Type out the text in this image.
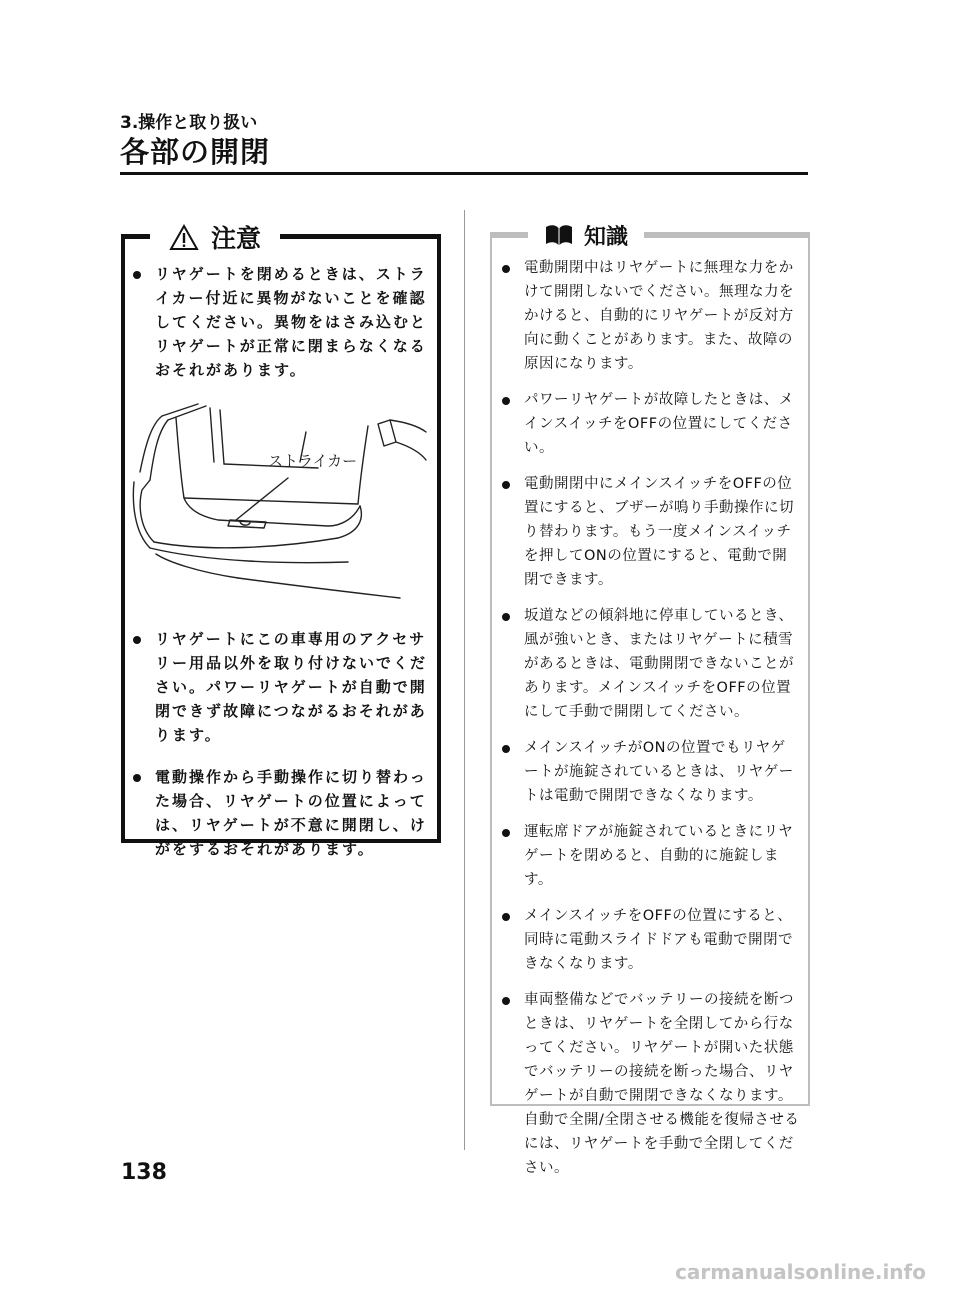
3.操作と取り扱い
各部の開閉
注意
リヤゲートを閉めるときは、ストライカー付近に異物がないことを確認してください。異物をはさみ込むとリヤゲートが正常に閉まらなくなるおそれがあります。
ストライカー
リヤゲートにこの車専用のアクセサリー用品以外を取り付けないでください。パワーリヤゲートが自動で開閉できず故障につながるおそれがあります。
電動操作から手動操作に切り替わった場合、リヤゲートの位置によっては、リヤゲートが不意に開閉し、けがをするおそれがあります。
知識
電動開閉中はリヤゲートに無理な力をかけて開閉しないでください。無理な力をかけると、自動的にリヤゲートが反対方向に動くことがあります。また、故障の原因になります。
パワーリヤゲートが故障したときは、メインスイッチをOFFの位置にしてください。
電動開閉中にメインスイッチをOFFの位置にすると、ブザーが鳴り手動操作に切り替わります。もう一度メインスイッチを押してONの位置にすると、電動で開閉できます。
坂道などの傾斜地に停車しているとき、風が強いとき、またはリヤゲートに積雪があるときは、電動開閉できないことがあります。メインスイッチをOFFの位置にして手動で開閉してください。
メインスイッチがONの位置でもリヤゲートが施錠されているときは、リヤゲートは電動で開閉できなくなります。
運転席ドアが施錠されているときにリヤゲートを閉めると、自動的に施錠します。
メインスイッチをOFFの位置にすると、同時に電動スライドドアも電動で開閉できなくなります。
車両整備などでバッテリーの接続を断つときは、リヤゲートを全閉してから行なってください。リヤゲートが開いた状態でバッテリーの接続を断った場合、リヤゲートが自動で開閉できなくなります。自動で全開/全閉させる機能を復帰させるには、リヤゲートを手動で全閉してください。
138
carmanualsonline.info
